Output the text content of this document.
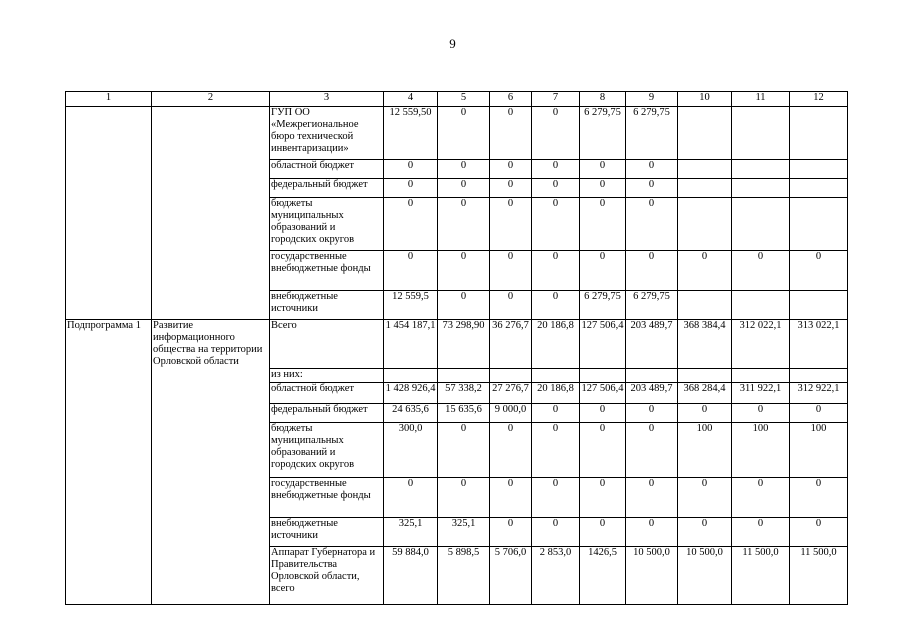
9
1	2	3	4	5	6	7	8	9	10	11	12
		ГУП ОО «Межрегиональное бюро технической инвентаризации»	12 559,50	0	0	0	6 279,75	6 279,75			
		областной бюджет	0	0	0	0	0	0			
		федеральный бюджет	0	0	0	0	0	0			
		бюджеты муниципальных образований и городских округов	0	0	0	0	0	0			
		государственные внебюджетные фонды	0	0	0	0	0	0	0	0	0
		внебюджетные источники	12 559,5	0	0	0	6 279,75	6 279,75			
Подпрограмма 1	Развитие информационного общества на территории Орловской области	Всего	1 454 187,1	73 298,90	36 276,7	20 186,8	127 506,4	203 489,7	368 384,4	312 022,1	313 022,1
		из них:									
		областной бюджет	1 428 926,4	57 338,2	27 276,7	20 186,8	127 506,4	203 489,7	368 284,4	311 922,1	312 922,1
		федеральный бюджет	24 635,6	15 635,6	9 000,0	0	0	0	0	0	0
		бюджеты муниципальных образований и городских округов	300,0	0	0	0	0	0	100	100	100
		государственные внебюджетные фонды	0	0	0	0	0	0	0	0	0
		внебюджетные источники	325,1	325,1	0	0	0	0	0	0	0
		Аппарат Губернатора и Правительства Орловской области, всего	59 884,0	5 898,5	5 706,0	2 853,0	1426,5	10 500,0	10 500,0	11 500,0	11 500,0
